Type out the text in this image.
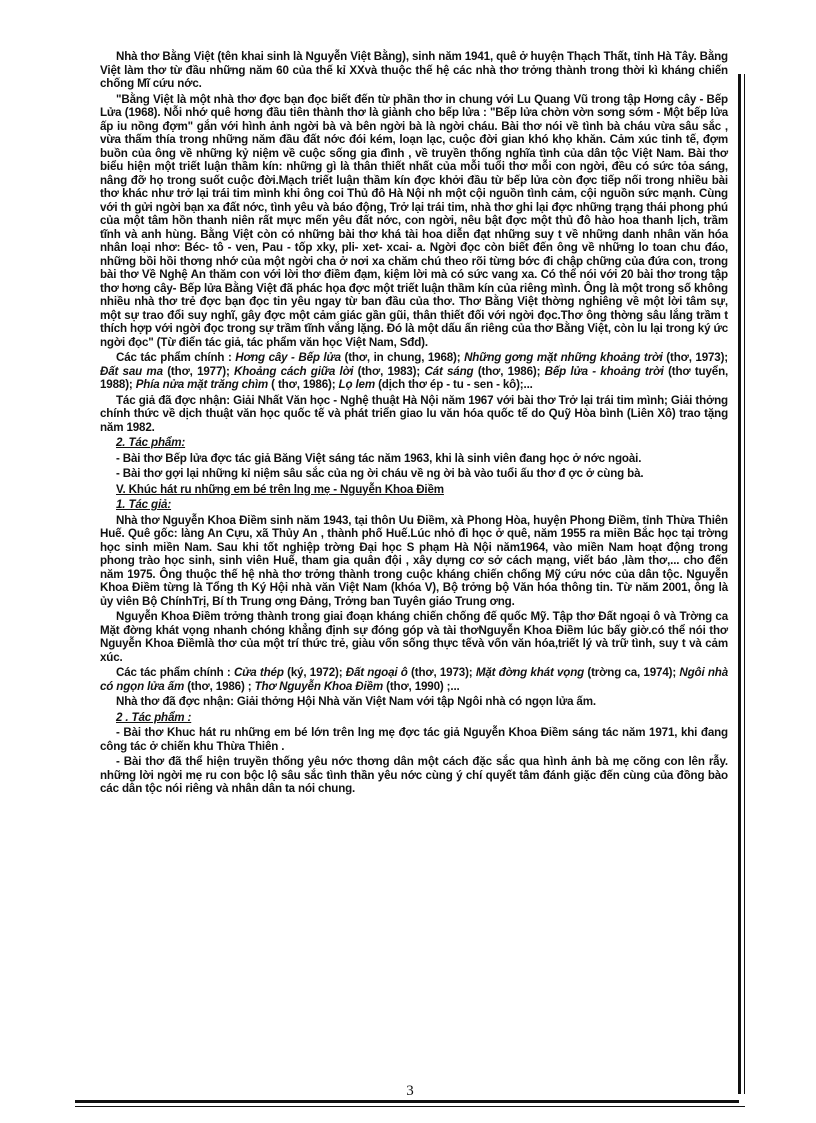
Nhà thơ Bằng Việt (tên khai sinh là Nguyễn Việt Bằng), sinh năm 1941, quê ở huyện Thạch Thất, tỉnh Hà Tây. Bằng Việt làm thơ từ đầu những năm 60 của thế kỉ XXvà thuộc thế hệ các nhà thơ trởng thành trong thời kì kháng chiến chống Mĩ cứu nớc.

"Bằng Việt là một nhà thơ đợc bạn đọc biết đến từ phần thơ in chung với Lu Quang Vũ trong tập Hơng cây - Bếp Lửa (1968). Nỗi nhớ quê hơng đầu tiên thành thơ là giành cho bếp lửa : "Bếp lửa chờn vờn sơng sớm - Một bếp lửa ấp iu nồng đợm" gắn với hình ảnh ngời bà và bên ngời bà là ngời cháu. Bài thơ nói về tình bà cháu vừa sâu sắc , vừa thấm thía trong những năm đầu đất nớc đói kém, loạn lạc, cuộc đời gian khó khọ khăn. Cảm xúc tinh tế, đợm buồn của ông về những kỷ niệm về cuộc sống gia đình , về truyền thống nghĩa tình của dân tộc Việt Nam. Bài thơ biểu hiện một triết luận thầm kín: những gì là thân thiết nhất của mỗi tuổi thơ mỗi con ngời, đều có sức tỏa sáng, nâng đỡ họ trong suốt cuộc đời.Mạch triết luận thầm kín đợc khởi đầu từ bếp lửa còn đợc tiếp nối trong nhiều bài thơ khác như trở lại trái tim mình khi ông coi Thủ đô Hà Nội nh một cội nguồn tình cảm, cội nguồn sức mạnh. Cùng với th gửi ngời bạn xa đất nớc, tình yêu và báo động, Trở lại trái tim, nhà thơ ghi lại đợc những trạng thái phong phú của một tâm hồn thanh niên rất mực mến yêu đất nớc, con ngời, nêu bật đợc một thủ đô hào hoa thanh lịch, trầm tĩnh và anh hùng. Bằng Việt còn có những bài thơ khá tài hoa diễn đạt những suy t về những danh nhân văn hóa nhân loại nhơ: Béc- tô - ven, Pau - tốp xky, pli- xet- xcai- a. Ngời đọc còn biết đến ông về những lo toan chu đáo, những bồi hồi thơng nhớ của một ngời cha ở nơi xa chăm chú theo rõi từng bớc đi chập chững của đứa con, trong bài thơ Về Nghệ An thăm con với lời thơ điềm đạm, kiệm lời mà có sức vang xa. Có thể nói với 20 bài thơ trong tập thơ hơng cây- Bếp lửa Bằng Việt đã phác họa đợc một triết luận thầm kín của riêng mình. Ông là một trong số không nhiều nhà thơ trẻ đợc bạn đọc tin yêu ngay từ ban đầu của thơ. Thơ Bằng Việt thờng nghiêng về một lời tâm sự, một sự trao đổi suy nghĩ, gây đợc một cảm giác gần gũi, thân thiết đối với ngời đọc.Thơ ông thờng sâu lắng trầm t thích hợp với ngời đọc trong sự trầm tĩnh vắng lặng. Đó là một dấu ấn riêng của thơ Bằng Việt, còn lu lại trong ký ức ngời đọc" (Từ điển tác giả, tác phẩm văn học Việt Nam, Sđd).

Các tác phẩm chính : Hơng cây - Bếp lửa (thơ, in chung, 1968); Những gơng mặt những khoảng trời (thơ, 1973); Đất sau ma (thơ, 1977); Khoảng cách giữa lời (thơ, 1983); Cát sáng (thơ, 1986); Bếp lửa - khoảng trời (thơ tuyển, 1988); Phía nửa mặt trăng chìm ( thơ, 1986); Lọ lem (dịch thơ ép - tu - sen - kô);...

Tác giả đã đợc nhận: Giải Nhất Văn học - Nghệ thuật Hà Nội năm 1967 với bài thơ Trở lại trái tim mình; Giải thởng chính thức về dịch thuật văn học quốc tế và phát triển giao lu văn hóa quốc tế do Quỹ Hòa bình (Liên Xô) trao tặng năm 1982.

2. Tác phẩm:

- Bài thơ Bếp lửa đợc tác giả Băng Việt sáng tác năm 1963, khi là sinh viên đang học ở nớc ngoài.

- Bài thơ gợi lại những kỉ niệm sâu sắc của ng ời cháu về ng ời bà vào tuổi ấu thơ đ ợc ở cùng bà.

V. Khúc hát ru những em bé trên lng mẹ - Nguyễn Khoa Điềm

1. Tác giả:

Nhà thơ Nguyễn Khoa Điềm sinh năm 1943, tại thôn Uu Điềm, xà Phong Hòa, huyện Phong Điềm, tỉnh Thừa Thiên Huế. Quê gốc: làng An Cựu, xã Thủy An , thành phố Huế.Lúc nhỏ đi học ở quê, năm 1955 ra miền Bắc học tại trờng học sinh miền Nam. Sau khi tốt nghiệp trờng Đại học S phạm Hà Nội năm1964, vào miền Nam hoạt động trong phong trào học sinh, sinh viên Huế, tham gia quân đội , xây dựng cơ sở cách mạng, viết báo ,làm thơ,... cho đến năm 1975. Ông thuộc thế hệ nhà thơ trởng thành trong cuộc kháng chiến chống Mỹ cứu nớc của dân tộc. Nguyễn Khoa Điềm từng là Tổng th Ký Hội nhà văn Việt Nam (khóa V), Bộ trởng bộ Văn hóa thông tin. Từ năm 2001, ông là ủy viên Bộ ChínhTrị, Bí th Trung ơng Đảng, Trởng ban Tuyên giáo Trung ơng.

Nguyễn Khoa Điềm trởng thành trong giai đoạn kháng chiến chống đế quốc Mỹ. Tập thơ Đất ngoại ô và Trờng ca Mặt đờng khát vọng nhanh chóng khẳng định sự đóng góp và tài thơNguyễn Khoa Điềm lúc bấy giờ.có thể nói thơ Nguyễn Khoa Điềmlà thơ của một trí thức trẻ, giàu vốn sống thực tếvà vốn văn hóa,triết lý và trữ tình, suy t và cảm xúc.

Các tác phẩm chính : Cửa thép (ký, 1972); Đất ngoại ô (thơ, 1973); Mặt đờng khát vọng (trờng ca, 1974); Ngôi nhà có ngọn lửa ấm (thơ, 1986) ; Thơ Nguyễn Khoa Điềm (thơ, 1990) ;...

Nhà thơ đã đợc nhận: Giải thởng Hội Nhà văn Việt Nam với tập Ngôi nhà có ngọn lửa ấm.

2 . Tác phẩm :

- Bài thơ Khuc hát ru những em bé lớn trên lng mẹ đợc tác giả Nguyễn Khoa Điềm sáng tác năm 1971, khi đang công tác ở chiến khu Thừa Thiên .

- Bài thơ đã thể hiện truyền thống yêu nớc thơng dân một cách đặc sắc qua hình ảnh bà mẹ cõng con lên rẫy. những lời ngời mẹ ru con bộc lộ sâu sắc tình thần yêu nớc cùng ý chí quyết tâm đánh giặc đến cùng của đồng bào các dân tộc nói riêng và nhân dân ta nói chung.

3
